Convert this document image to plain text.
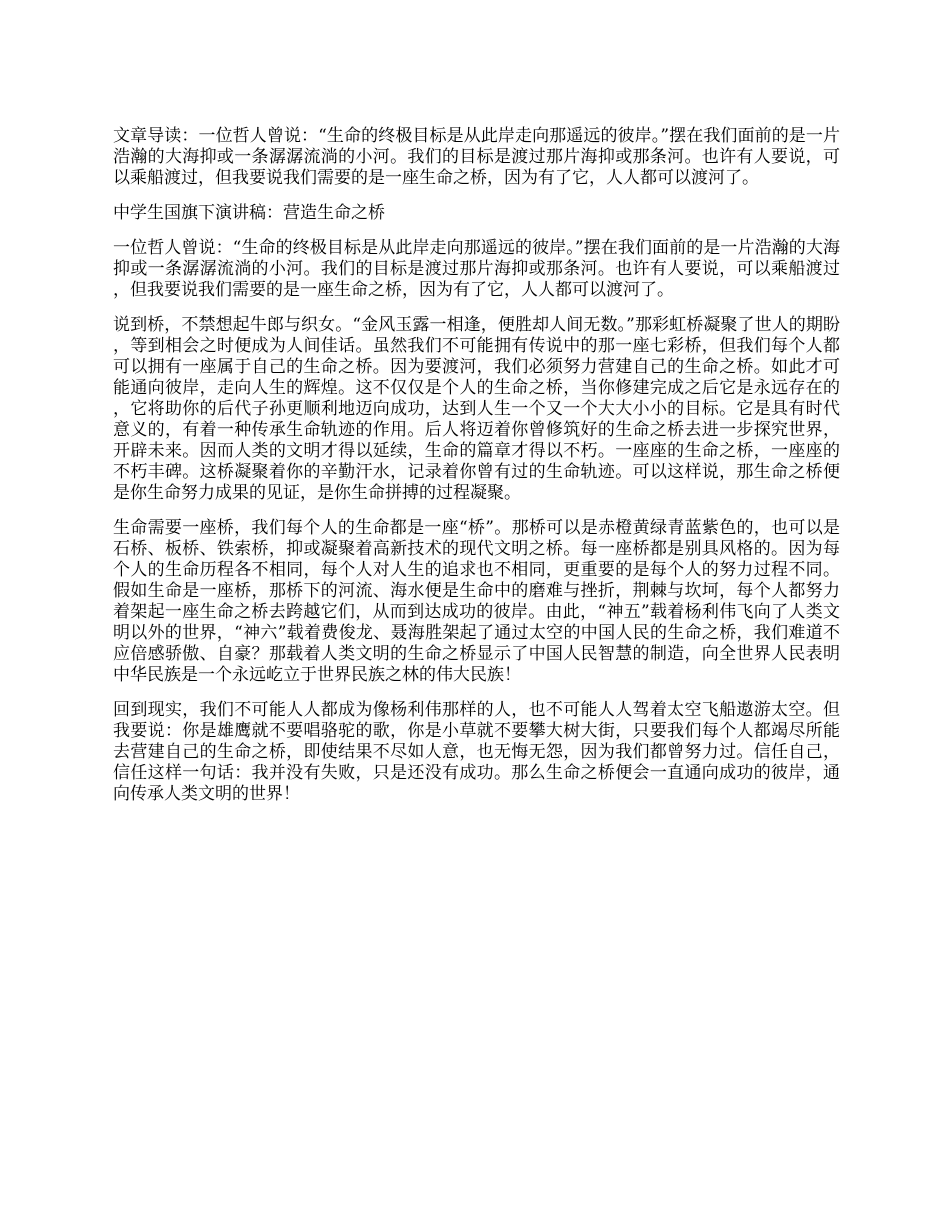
文章导读：一位哲人曾说：“生命的终极目标是从此岸走向那遥远的彼岸。”摆在我们面前的是一片浩瀚的大海抑或一条潺潺流淌的小河。我们的目标是渡过那片海抑或那条河。也许有人要说，可以乘船渡过，但我要说我们需要的是一座生命之桥，因为有了它，人人都可以渡河了。

中学生国旗下演讲稿：营造生命之桥

一位哲人曾说：“生命的终极目标是从此岸走向那遥远的彼岸。”摆在我们面前的是一片浩瀚的大海抑或一条潺潺流淌的小河。我们的目标是渡过那片海抑或那条河。也许有人要说，可以乘船渡过，但我要说我们需要的是一座生命之桥，因为有了它，人人都可以渡河了。

说到桥，不禁想起牛郎与织女。“金风玉露一相逢，便胜却人间无数。”那彩虹桥凝聚了世人的期盼，等到相会之时便成为人间佳话。虽然我们不可能拥有传说中的那一座七彩桥，但我们每个人都可以拥有一座属于自己的生命之桥。因为要渡河，我们必须努力营建自己的生命之桥。如此才可能通向彼岸，走向人生的辉煌。这不仅仅是个人的生命之桥，当你修建完成之后它是永远存在的，它将助你的后代子孙更顺利地迈向成功，达到人生一个又一个大大小小的目标。它是具有时代意义的，有着一种传承生命轨迹的作用。后人将迈着你曾修筑好的生命之桥去进一步探究世界，开辟未来。因而人类的文明才得以延续，生命的篇章才得以不朽。一座座的生命之桥，一座座的不朽丰碑。这桥凝聚着你的辛勤汗水，记录着你曾有过的生命轨迹。可以这样说，那生命之桥便是你生命努力成果的见证，是你生命拼搏的过程凝聚。

生命需要一座桥，我们每个人的生命都是一座“桥”。那桥可以是赤橙黄绿青蓝紫色的，也可以是石桥、板桥、铁索桥，抑或凝聚着高新技术的现代文明之桥。每一座桥都是别具风格的。因为每个人的生命历程各不相同，每个人对人生的追求也不相同，更重要的是每个人的努力过程不同。假如生命是一座桥，那桥下的河流、海水便是生命中的磨难与挫折，荆棘与坎坷，每个人都努力着架起一座生命之桥去跨越它们，从而到达成功的彼岸。由此，“神五”载着杨利伟飞向了人类文明以外的世界，“神六”载着费俊龙、聂海胜架起了通过太空的中国人民的生命之桥，我们难道不应倍感骄傲、自豪？那载着人类文明的生命之桥显示了中国人民智慧的制造，向全世界人民表明中华民族是一个永远屹立于世界民族之林的伟大民族！

回到现实，我们不可能人人都成为像杨利伟那样的人，也不可能人人驾着太空飞船遨游太空。但我要说：你是雄鹰就不要唱骆驼的歌，你是小草就不要攀大树大街，只要我们每个人都竭尽所能去营建自己的生命之桥，即使结果不尽如人意，也无悔无怨，因为我们都曾努力过。信任自己，信任这样一句话：我并没有失败，只是还没有成功。那么生命之桥便会一直通向成功的彼岸，通向传承人类文明的世界！
